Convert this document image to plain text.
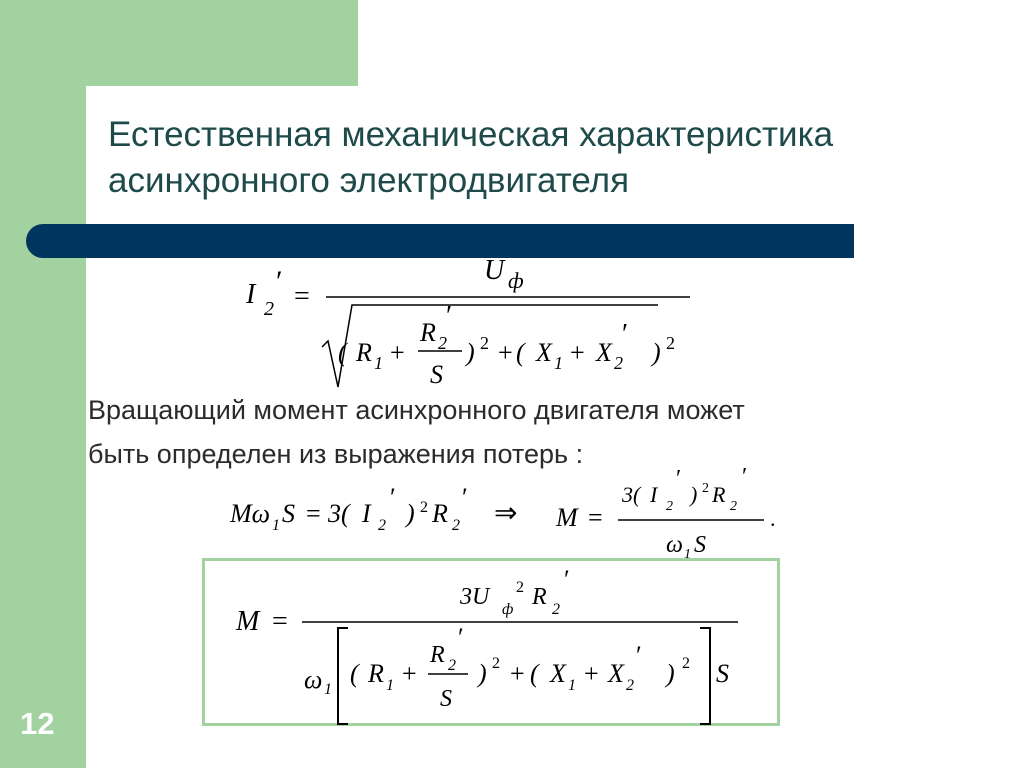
Естественная механическая характеристика
асинхронного электродвигателя
I 2
′ =
U ф
( R 1 +
R 2
′
S
) 2 + ( X 1 + X 2
′
) 2
Вращающий момент асинхронного двигателя может
быть определен из выражения потерь :
Mω 1 S = 3( I 2
′
) 2 R 2
′
⇒ M =
3( I 2
′
) 2 R 2
′
ω 1 S
.
M =
3U ф
2 R 2
′
ω 1
( R 1 +
R 2
′
S
) 2 + ( X 1 + X 2
′
) 2 S
12
